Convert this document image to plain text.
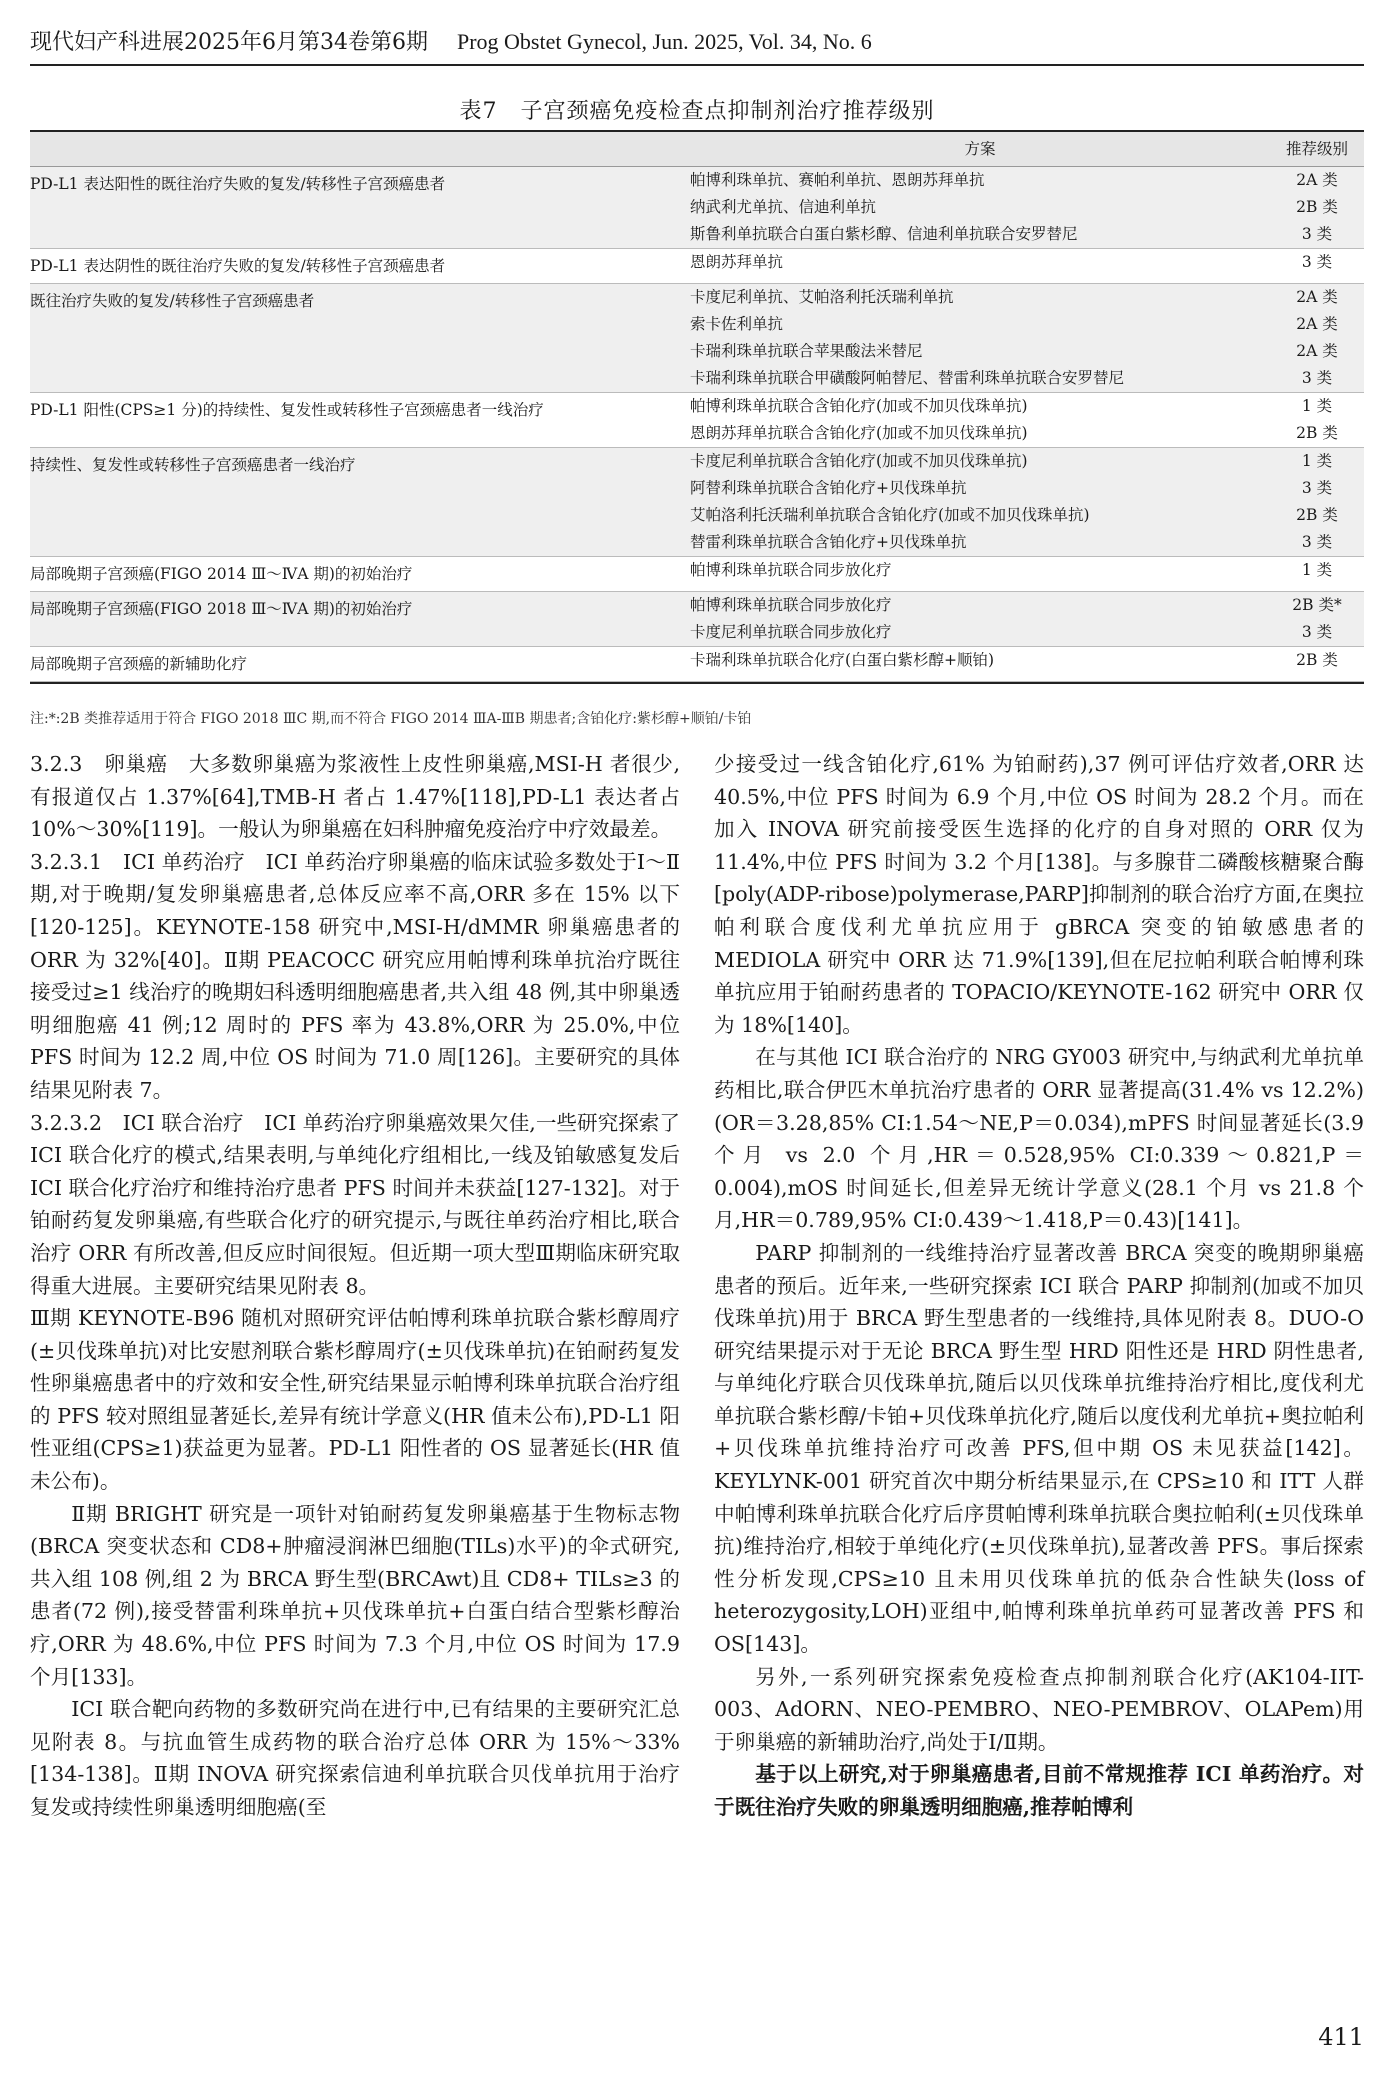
现代妇产科进展2025年6月第34卷第6期 Prog Obstet Gynecol, Jun. 2025, Vol. 34, No. 6
表7　子宫颈癌免疫检查点抑制剂治疗推荐级别
方案	推荐级别
PD-L1 表达阳性的既往治疗失败的复发/转移性子宫颈癌患者	帕博利珠单抗、赛帕利单抗、恩朗苏拜单抗	2A 类
纳武利尤单抗、信迪利单抗	2B 类
斯鲁利单抗联合白蛋白紫杉醇、信迪利单抗联合安罗替尼	3 类
PD-L1 表达阴性的既往治疗失败的复发/转移性子宫颈癌患者	恩朗苏拜单抗	3 类
既往治疗失败的复发/转移性子宫颈癌患者	卡度尼利单抗、艾帕洛利托沃瑞利单抗	2A 类
索卡佐利单抗	2A 类
卡瑞利珠单抗联合苹果酸法米替尼	2A 类
卡瑞利珠单抗联合甲磺酸阿帕替尼、替雷利珠单抗联合安罗替尼	3 类
PD-L1 阳性(CPS≥1 分)的持续性、复发性或转移性子宫颈癌患者一线治疗	帕博利珠单抗联合含铂化疗(加或不加贝伐珠单抗)	1 类
恩朗苏拜单抗联合含铂化疗(加或不加贝伐珠单抗)	2B 类
持续性、复发性或转移性子宫颈癌患者一线治疗	卡度尼利单抗联合含铂化疗(加或不加贝伐珠单抗)	1 类
阿替利珠单抗联合含铂化疗+贝伐珠单抗	3 类
艾帕洛利托沃瑞利单抗联合含铂化疗(加或不加贝伐珠单抗)	2B 类
替雷利珠单抗联合含铂化疗+贝伐珠单抗	3 类
局部晚期子宫颈癌(FIGO 2014 Ⅲ～ⅣA 期)的初始治疗	帕博利珠单抗联合同步放化疗	1 类
局部晚期子宫颈癌(FIGO 2018 Ⅲ～ⅣA 期)的初始治疗	帕博利珠单抗联合同步放化疗	2B 类*
卡度尼利单抗联合同步放化疗	3 类
局部晚期子宫颈癌的新辅助化疗	卡瑞利珠单抗联合化疗(白蛋白紫杉醇+顺铂)	2B 类
注:*:2B 类推荐适用于符合 FIGO 2018 ⅢC 期,而不符合 FIGO 2014 ⅢA-ⅢB 期患者;含铂化疗:紫杉醇+顺铂/卡铂

3.2.3　卵巢癌　大多数卵巢癌为浆液性上皮性卵巢癌,MSI-H 者很少,有报道仅占 1.37%[64],TMB-H 者占 1.47%[118],PD-L1 表达者占 10%～30%[119]。一般认为卵巢癌在妇科肿瘤免疫治疗中疗效最差。

3.2.3.1　ICI 单药治疗　ICI 单药治疗卵巢癌的临床试验多数处于Ⅰ～Ⅱ期,对于晚期/复发卵巢癌患者,总体反应率不高,ORR 多在 15% 以下[120-125]。KEYNOTE-158 研究中,MSI-H/dMMR 卵巢癌患者的 ORR 为 32%[40]。Ⅱ期 PEACOCC 研究应用帕博利珠单抗治疗既往接受过≥1 线治疗的晚期妇科透明细胞癌患者,共入组 48 例,其中卵巢透明细胞癌 41 例;12 周时的 PFS 率为 43.8%,ORR 为 25.0%,中位 PFS 时间为 12.2 周,中位 OS 时间为 71.0 周[126]。主要研究的具体结果见附表 7。

3.2.3.2　ICI 联合治疗　ICI 单药治疗卵巢癌效果欠佳,一些研究探索了 ICI 联合化疗的模式,结果表明,与单纯化疗组相比,一线及铂敏感复发后 ICI 联合化疗治疗和维持治疗患者 PFS 时间并未获益[127-132]。对于铂耐药复发卵巢癌,有些联合化疗的研究提示,与既往单药治疗相比,联合治疗 ORR 有所改善,但反应时间很短。但近期一项大型Ⅲ期临床研究取得重大进展。主要研究结果见附表 8。

Ⅲ期 KEYNOTE-B96 随机对照研究评估帕博利珠单抗联合紫杉醇周疗(±贝伐珠单抗)对比安慰剂联合紫杉醇周疗(±贝伐珠单抗)在铂耐药复发性卵巢癌患者中的疗效和安全性,研究结果显示帕博利珠单抗联合治疗组的 PFS 较对照组显著延长,差异有统计学意义(HR 值未公布),PD-L1 阳性亚组(CPS≥1)获益更为显著。PD-L1 阳性者的 OS 显著延长(HR 值未公布)。

Ⅱ期 BRIGHT 研究是一项针对铂耐药复发卵巢癌基于生物标志物(BRCA 突变状态和 CD8+肿瘤浸润淋巴细胞(TILs)水平)的伞式研究,共入组 108 例,组 2 为 BRCA 野生型(BRCAwt)且 CD8+ TILs≥3 的患者(72 例),接受替雷利珠单抗+贝伐珠单抗+白蛋白结合型紫杉醇治疗,ORR 为 48.6%,中位 PFS 时间为 7.3 个月,中位 OS 时间为 17.9 个月[133]。

ICI 联合靶向药物的多数研究尚在进行中,已有结果的主要研究汇总见附表 8。与抗血管生成药物的联合治疗总体 ORR 为 15%～33%[134-138]。Ⅱ期 INOVA 研究探索信迪利单抗联合贝伐单抗用于治疗复发或持续性卵巢透明细胞癌(至

少接受过一线含铂化疗,61% 为铂耐药),37 例可评估疗效者,ORR 达 40.5%,中位 PFS 时间为 6.9 个月,中位 OS 时间为 28.2 个月。而在加入 INOVA 研究前接受医生选择的化疗的自身对照的 ORR 仅为 11.4%,中位 PFS 时间为 3.2 个月[138]。与多腺苷二磷酸核糖聚合酶[poly(ADP-ribose)polymerase,PARP]抑制剂的联合治疗方面,在奥拉帕利联合度伐利尤单抗应用于 gBRCA 突变的铂敏感患者的 MEDIOLA 研究中 ORR 达 71.9%[139],但在尼拉帕利联合帕博利珠单抗应用于铂耐药患者的 TOPACIO/KEYNOTE-162 研究中 ORR 仅为 18%[140]。

在与其他 ICI 联合治疗的 NRG GY003 研究中,与纳武利尤单抗单药相比,联合伊匹木单抗治疗患者的 ORR 显著提高(31.4% vs 12.2%)(OR＝3.28,85% CI:1.54～NE,P＝0.034),mPFS 时间显著延长(3.9 个月 vs 2.0 个月,HR＝0.528,95% CI:0.339～0.821,P＝0.004),mOS 时间延长,但差异无统计学意义(28.1 个月 vs 21.8 个月,HR＝0.789,95% CI:0.439～1.418,P＝0.43)[141]。

PARP 抑制剂的一线维持治疗显著改善 BRCA 突变的晚期卵巢癌患者的预后。近年来,一些研究探索 ICI 联合 PARP 抑制剂(加或不加贝伐珠单抗)用于 BRCA 野生型患者的一线维持,具体见附表 8。DUO-O 研究结果提示对于无论 BRCA 野生型 HRD 阳性还是 HRD 阴性患者,与单纯化疗联合贝伐珠单抗,随后以贝伐珠单抗维持治疗相比,度伐利尤单抗联合紫杉醇/卡铂+贝伐珠单抗化疗,随后以度伐利尤单抗+奥拉帕利+贝伐珠单抗维持治疗可改善 PFS,但中期 OS 未见获益[142]。KEYLYNK-001 研究首次中期分析结果显示,在 CPS≥10 和 ITT 人群中帕博利珠单抗联合化疗后序贯帕博利珠单抗联合奥拉帕利(±贝伐珠单抗)维持治疗,相较于单纯化疗(±贝伐珠单抗),显著改善 PFS。事后探索性分析发现,CPS≥10 且未用贝伐珠单抗的低杂合性缺失(loss of heterozygosity,LOH)亚组中,帕博利珠单抗单药可显著改善 PFS 和 OS[143]。

另外,一系列研究探索免疫检查点抑制剂联合化疗(AK104-IIT-003、AdORN、NEO-PEMBRO、NEO-PEMBROV、OLAPem)用于卵巢癌的新辅助治疗,尚处于Ⅰ/Ⅱ期。

基于以上研究,对于卵巢癌患者,目前不常规推荐 ICI 单药治疗。对于既往治疗失败的卵巢透明细胞癌,推荐帕博利

411
